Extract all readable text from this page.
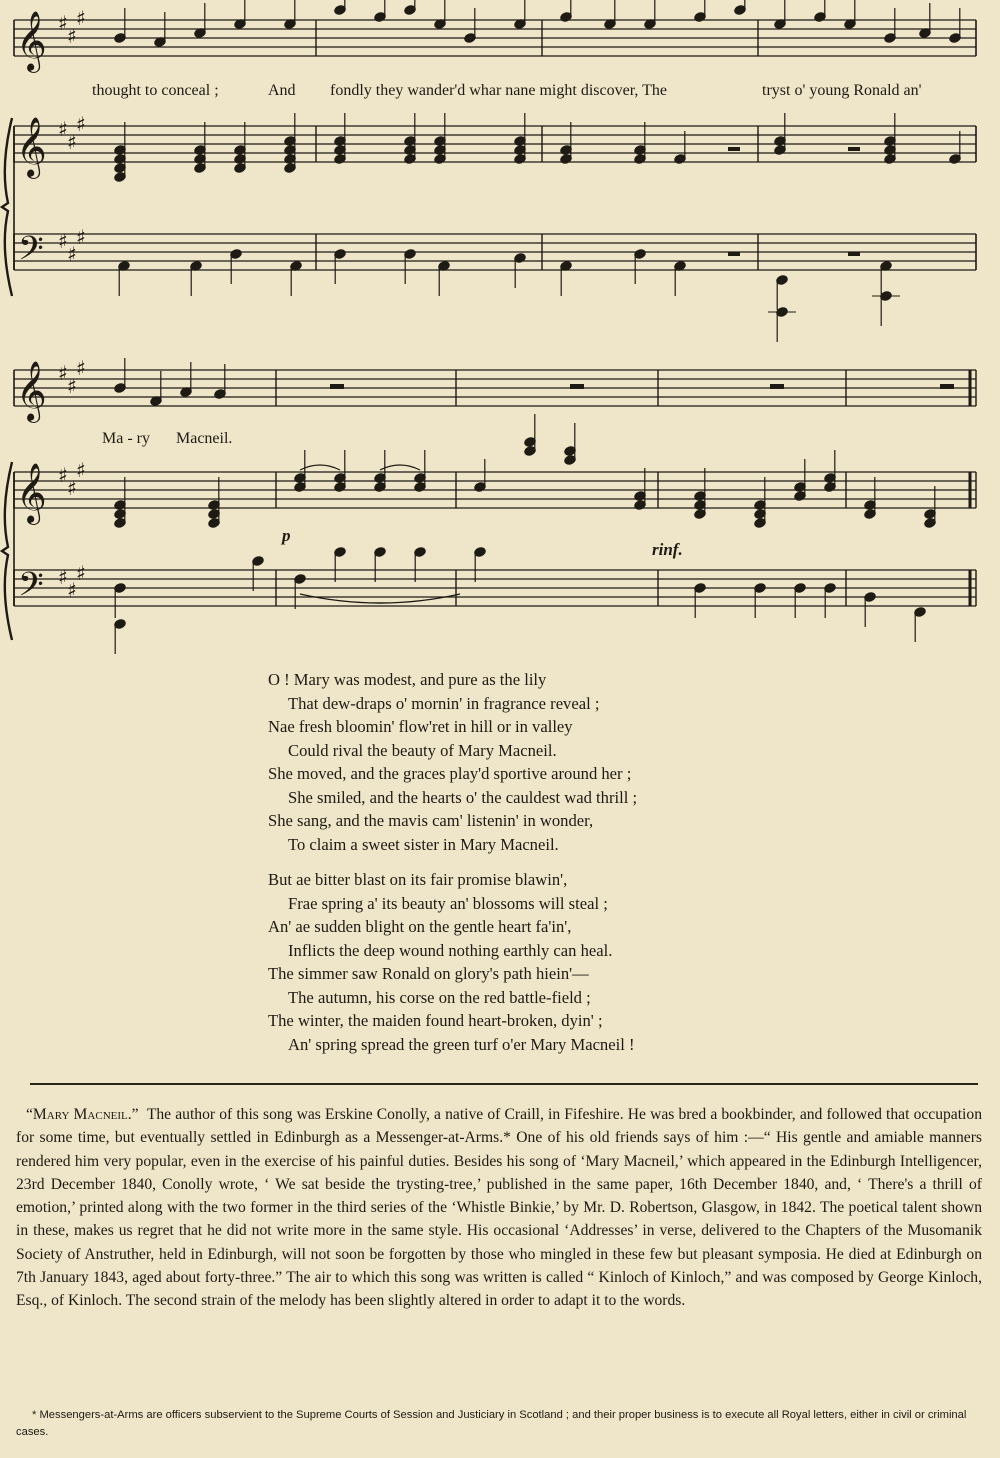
𝄞 ♯
♯
♯
𝄞 ♯
♯
♯
𝄢 ♯
♯
♯
𝄞 ♯
♯
♯
𝄞 ♯
♯
♯
𝄢 ♯
♯
♯
thought to conceal ;	And fondly they wander'd whar nane might discover, The	tryst o' young Ronald an'
Ma - ry Macneil.
p
rinf.
O ! Mary was modest, and pure as the lily
That dew-draps o' mornin' in fragrance reveal ;
Nae fresh bloomin' flow'ret in hill or in valley
Could rival the beauty of Mary Macneil.
She moved, and the graces play'd sportive around her ;
She smiled, and the hearts o' the cauldest wad thrill ;
She sang, and the mavis cam' listenin' in wonder,
To claim a sweet sister in Mary Macneil.
But ae bitter blast on its fair promise blawin',
Frae spring a' its beauty an' blossoms will steal ;
An' ae sudden blight on the gentle heart fa'in',
Inflicts the deep wound nothing earthly can heal.
The simmer saw Ronald on glory's path hiein'—
The autumn, his corse on the red battle-field ;
The winter, the maiden found heart-broken, dyin' ;
An' spring spread the green turf o'er Mary Macneil !
“Mary Macneil.” The author of this song was Erskine Conolly, a native of Craill, in Fifeshire. He was bred a bookbinder, and followed that occupation for some time, but eventually settled in Edinburgh as a Messenger-at-Arms.* One of his old friends says of him :—“ His gentle and amiable manners rendered him very popular, even in the exercise of his painful duties. Besides his song of ‘Mary Macneil,’ which appeared in the Edinburgh Intelligencer, 23rd December 1840, Conolly wrote, ‘ We sat beside the trysting-tree,’ published in the same paper, 16th December 1840, and, ‘ There's a thrill of emotion,’ printed along with the two former in the third series of the ‘Whistle Binkie,’ by Mr. D. Robertson, Glasgow, in 1842. The poetical talent shown in these, makes us regret that he did not write more in the same style. His occasional ‘Addresses’ in verse, delivered to the Chapters of the Musomanik Society of Anstruther, held in Edinburgh, will not soon be forgotten by those who mingled in these few but pleasant symposia. He died at Edinburgh on 7th January 1843, aged about forty-three.” The air to which this song was written is called “ Kinloch of Kinloch,” and was composed by George Kinloch, Esq., of Kinloch. The second strain of the melody has been slightly altered in order to adapt it to the words.
* Messengers-at-Arms are officers subservient to the Supreme Courts of Session and Justiciary in Scotland ; and their proper business is to execute all Royal letters, either in civil or criminal cases.
